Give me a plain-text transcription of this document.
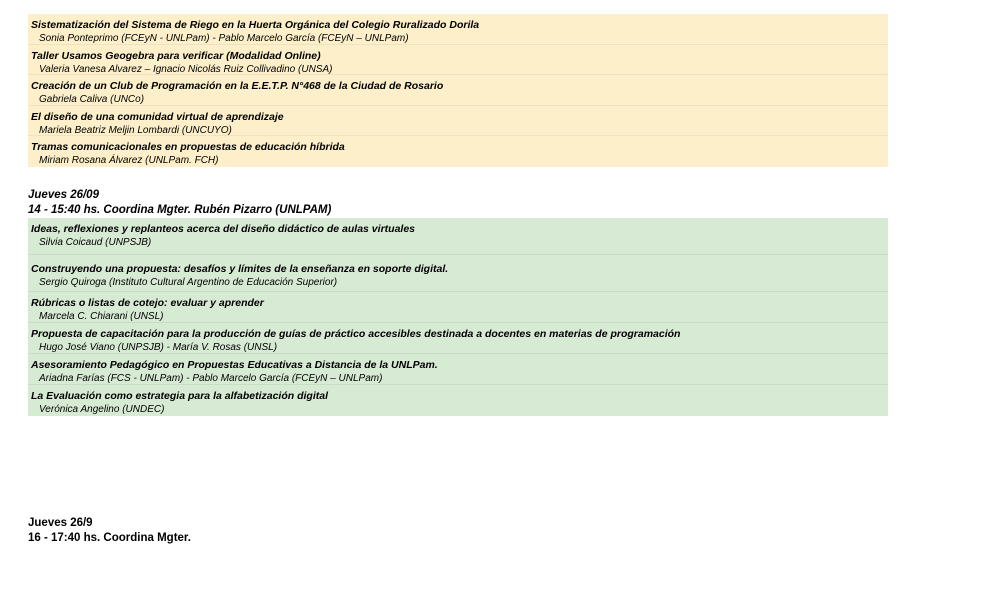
Sistematización del Sistema de Riego en la Huerta Orgánica del Colegio Ruralizado Dorila
Sonia Ponteprimo (FCEyN - UNLPam) - Pablo Marcelo García (FCEyN – UNLPam)
Taller Usamos Geogebra para verificar (Modalidad Online)
Valeria Vanesa Alvarez – Ignacio Nicolás Ruiz Collivadino (UNSA)
Creación de un Club de Programación en la E.E.T.P. N°468 de la Ciudad de Rosario
Gabriela Caliva (UNCo)
El diseño de una comunidad virtual de aprendizaje
Mariela Beatriz Meljin Lombardi (UNCUYO)
Tramas comunicacionales en propuestas de educación híbrida
Miriam Rosana Álvarez (UNLPam. FCH)
Jueves 26/09
14 - 15:40 hs. Coordina Mgter. Rubén Pizarro (UNLPAM)
Ideas, reflexiones y replanteos acerca del diseño didáctico de aulas virtuales
Silvia Coicaud (UNPSJB)
Construyendo una propuesta: desafíos y límites de la enseñanza en soporte digital.
Sergio Quiroga (Instituto Cultural Argentino de Educación Superior)
Rúbricas o listas de cotejo: evaluar y aprender
Marcela C. Chiarani (UNSL)
Propuesta de capacitación para la producción de guías de práctico accesibles destinada a docentes en materias de programación
Hugo José Viano (UNPSJB) - María V. Rosas (UNSL)
Asesoramiento Pedagógico en Propuestas Educativas a Distancia de la UNLPam.
Ariadna Farías (FCS - UNLPam) - Pablo Marcelo García (FCEyN – UNLPam)
La Evaluación como estrategia para la alfabetización digital
Verónica Angelino (UNDEC)
Jueves 26/9
16 - 17:40 hs. Coordina Mgter.
